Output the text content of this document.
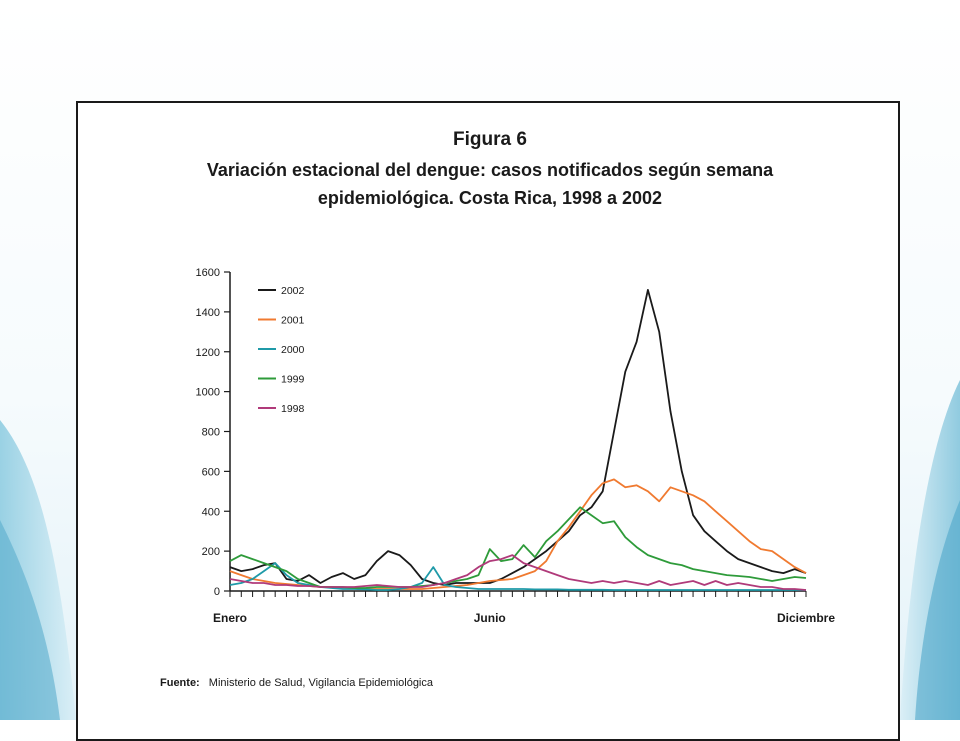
Figura 6
Variación estacional del dengue: casos notificados según semana
epidemiológica. Costa Rica, 1998 a 2002
0
200
400
600
800
1000
1200
1400
1600
Enero	Junio	Diciembre
2002
2001
2000
1999
1998
Fuente: Ministerio de Salud, Vigilancia Epidemiológica
